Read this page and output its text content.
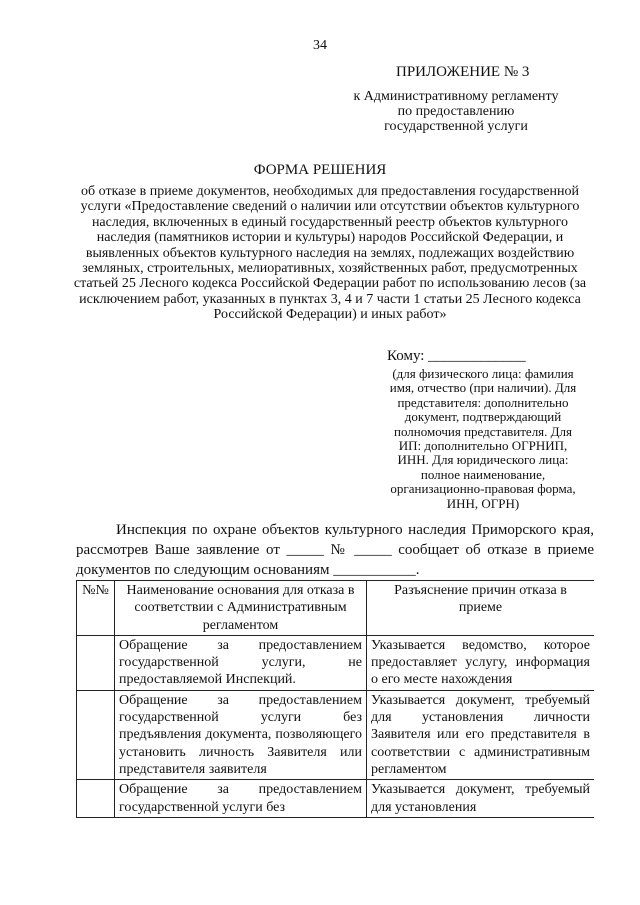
34
ПРИЛОЖЕНИЕ № 3
к Административному регламенту
по предоставлению
государственной услуги
ФОРМА РЕШЕНИЯ
об отказе в приеме документов, необходимых для предоставления государственной услуги «Предоставление сведений о наличии или отсутствии объектов культурного наследия, включенных в единый государственный реестр объектов культурного наследия (памятников истории и культуры) народов Российской Федерации, и выявленных объектов культурного наследия на землях, подлежащих воздействию земляных, строительных, мелиоративных, хозяйственных работ, предусмотренных статьей 25 Лесного кодекса Российской Федерации работ по использованию лесов (за исключением работ, указанных в пунктах 3, 4 и 7 части 1 статьи 25 Лесного кодекса Российской Федерации) и иных работ»
Кому: _____________
(для физического лица: фамилия имя, отчество (при наличии). Для представителя: дополнительно документ, подтверждающий полномочия представителя. Для ИП: дополнительно ОГРНИП, ИНН. Для юридического лица: полное наименование, организационно-правовая форма, ИНН, ОГРН)
Инспекция по охране объектов культурного наследия Приморского края, рассмотрев Ваше заявление от _____ № _____ сообщает об отказе в приеме
документов по следующим основаниям ___________.
№№	Наименование основания для отказа в соответствии с Административным регламентом	Разъяснение причин отказа в приеме
	Обращение за предоставлением государственной услуги, не предоставляемой Инспекций.	Указывается ведомство, которое предоставляет услугу, информация о его месте нахождения
	Обращение за предоставлением государственной услуги без предъявления документа, позволяющего установить личность Заявителя или представителя заявителя	Указывается документ, требуемый для установления личности Заявителя или его представителя в соответствии с административным регламентом
	Обращение за предоставлением государственной услуги без	Указывается документ, требуемый для установления
